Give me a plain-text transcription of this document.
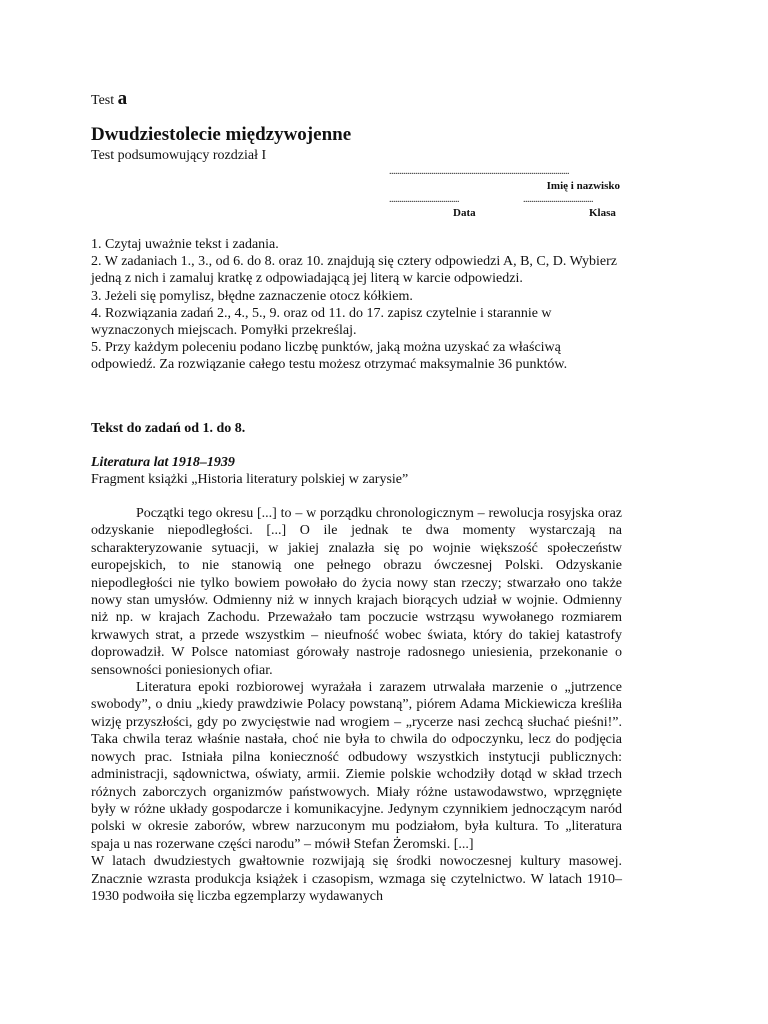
Test a
Dwudziestolecie międzywojenne
Test podsumowujący rozdział I
..........................................................................................
Imię i nazwisko
...................................
Data
...................................
Klasa

1. Czytaj uważnie tekst i zadania.

2. W zadaniach 1., 3., od 6. do 8. oraz 10. znajdują się cztery odpowiedzi A, B, C, D. Wybierz jedną z nich i zamaluj kratkę z odpowiadającą jej literą w karcie odpowiedzi.

3. Jeżeli się pomylisz, błędne zaznaczenie otocz kółkiem.

4. Rozwiązania zadań 2., 4., 5., 9. oraz od 11. do 17. zapisz czytelnie i starannie w wyznaczonych miejscach. Pomyłki przekreślaj.

5. Przy każdym poleceniu podano liczbę punktów, jaką można uzyskać za właściwą odpowiedź. Za rozwiązanie całego testu możesz otrzymać maksymalnie 36 punktów.

Tekst do zadań od 1. do 8.
Literatura lat 1918–1939
Fragment książki „Historia literatury polskiej w zarysie”

Początki tego okresu [...] to – w porządku chronologicznym – rewolucja rosyjska oraz odzyskanie niepodległości. [...] O ile jednak te dwa momenty wystarczają na scharakteryzowanie sytuacji, w jakiej znalazła się po wojnie większość społeczeństw europejskich, to nie stanowią one pełnego obrazu ówczesnej Polski. Odzyskanie niepodległości nie tylko bowiem powołało do życia nowy stan rzeczy; stwarzało ono także nowy stan umysłów. Odmienny niż w innych krajach biorących udział w wojnie. Odmienny niż np. w krajach Zachodu. Przeważało tam poczucie wstrząsu wywołanego rozmiarem krwawych strat, a przede wszystkim – nieufność wobec świata, który do takiej katastrofy doprowadził. W Polsce natomiast górowały nastroje radosnego uniesienia, przekonanie o sensowności poniesionych ofiar.

Literatura epoki rozbiorowej wyrażała i zarazem utrwalała marzenie o „jutrzence swobody”, o dniu „kiedy prawdziwie Polacy powstaną”, piórem Adama Mickiewicza kreśliła wizję przyszłości, gdy po zwycięstwie nad wrogiem – „rycerze nasi zechcą słuchać pieśni!”. Taka chwila teraz właśnie nastała, choć nie była to chwila do odpoczynku, lecz do podjęcia nowych prac. Istniała pilna konieczność odbudowy wszystkich instytucji publicznych: administracji, sądownictwa, oświaty, armii. Ziemie polskie wchodziły dotąd w skład trzech różnych zaborczych organizmów państwowych. Miały różne ustawodawstwo, wprzęgnięte były w różne układy gospodarcze i komunikacyjne. Jedynym czynnikiem jednoczącym naród polski w okresie zaborów, wbrew narzuconym mu podziałom, była kultura. To „literatura spaja u nas rozerwane części narodu” – mówił Stefan Żeromski. [...]

W latach dwudziestych gwałtownie rozwijają się środki nowoczesnej kultury masowej. Znacznie wzrasta produkcja książek i czasopism, wzmaga się czytelnictwo. W latach 1910–1930 podwoiła się liczba egzemplarzy wydawanych
